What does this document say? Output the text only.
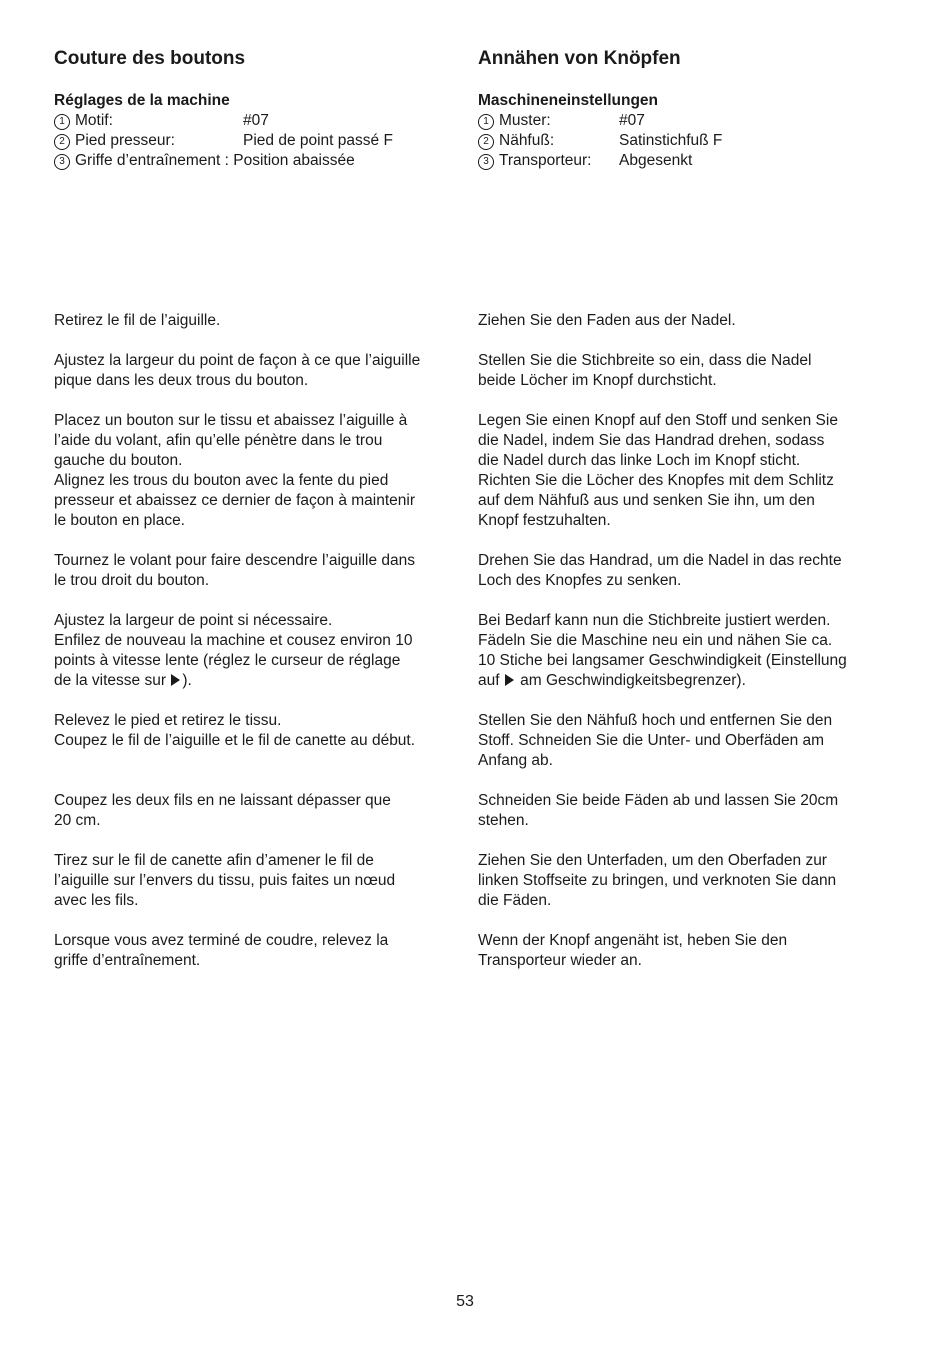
Couture des boutons
Réglages de la machine
1 Motif:	#07
2 Pied presseur:	Pied de point passé F
3 Griffe d’entraînement :
Position abaissée
Retirez le fil de l’aiguille.
Ajustez la largeur du point de façon à ce que l’aiguille
pique dans les deux trous du bouton.
Placez un bouton sur le tissu et abaissez l’aiguille à
l’aide du volant, afin qu’elle pénètre dans le trou
gauche du bouton.
Alignez les trous du bouton avec la fente du pied
presseur et abaissez ce dernier de façon à maintenir
le bouton en place.
Tournez le volant pour faire descendre l’aiguille dans
le trou droit du bouton.
Ajustez la largeur de point si nécessaire.
Enfilez de nouveau la machine et cousez environ 10
points à vitesse lente (réglez le curseur de réglage
de la vitesse sur ).
Relevez le pied et retirez le tissu.
Coupez le fil de l’aiguille et le fil de canette au début.
Coupez les deux fils en ne laissant dépasser que
20 cm.
Tirez sur le fil de canette afin d’amener le fil de
l’aiguille sur l’envers du tissu, puis faites un nœud
avec les fils.
Lorsque vous avez terminé de coudre, relevez la
griffe d’entraînement.
Annähen von Knöpfen
Maschineneinstellungen
1 Muster:	#07
2 Nähfuß:	Satinstichfuß F
3 Transporteur:	Abgesenkt
Ziehen Sie den Faden aus der Nadel.
Stellen Sie die Stichbreite so ein, dass die Nadel
beide Löcher im Knopf durchsticht.
Legen Sie einen Knopf auf den Stoff und senken Sie
die Nadel, indem Sie das Handrad drehen, sodass
die Nadel durch das linke Loch im Knopf sticht.
Richten Sie die Löcher des Knopfes mit dem Schlitz
auf dem Nähfuß aus und senken Sie ihn, um den
Knopf festzuhalten.
Drehen Sie das Handrad, um die Nadel in das rechte
Loch des Knopfes zu senken.
Bei Bedarf kann nun die Stichbreite justiert werden.
Fädeln Sie die Maschine neu ein und nähen Sie ca.
10 Stiche bei langsamer Geschwindigkeit (Einstellung
auf  am Geschwindigkeitsbegrenzer).
Stellen Sie den Nähfuß hoch und entfernen Sie den
Stoff. Schneiden Sie die Unter- und Oberfäden am
Anfang ab.
Schneiden Sie beide Fäden ab und lassen Sie 20cm
stehen.
Ziehen Sie den Unterfaden, um den Oberfaden zur
linken Stoffseite zu bringen, und verknoten Sie dann
die Fäden.
Wenn der Knopf angenäht ist, heben Sie den
Transporteur wieder an.
53
